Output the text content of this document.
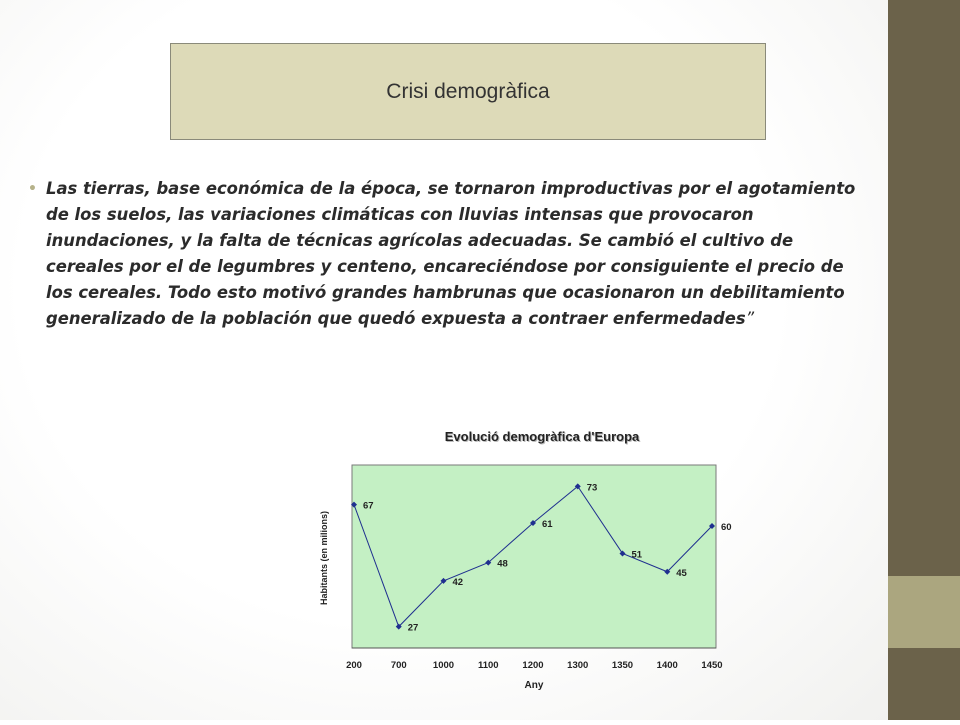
Crisi demogràfica
• Las tierras, base económica de la época, se tornaron improductivas por el agotamiento de los suelos, las variaciones climáticas con lluvias intensas que provocaron inundaciones, y la falta de técnicas agrícolas adecuadas. Se cambió el cultivo de cereales por el de legumbres y centeno, encareciéndose por consiguiente el precio de los cereales. Todo esto motivó grandes hambrunas que ocasionaron un debilitamiento generalizado de la población que quedó expuesta a contraer enfermedades”
Evolució demogràfica d'Europa
200	700	1000	1100	1200 1300 1350 1400 1450
Any
Habitants (en milions)
67
27
42
48
61
73
51
45
60
